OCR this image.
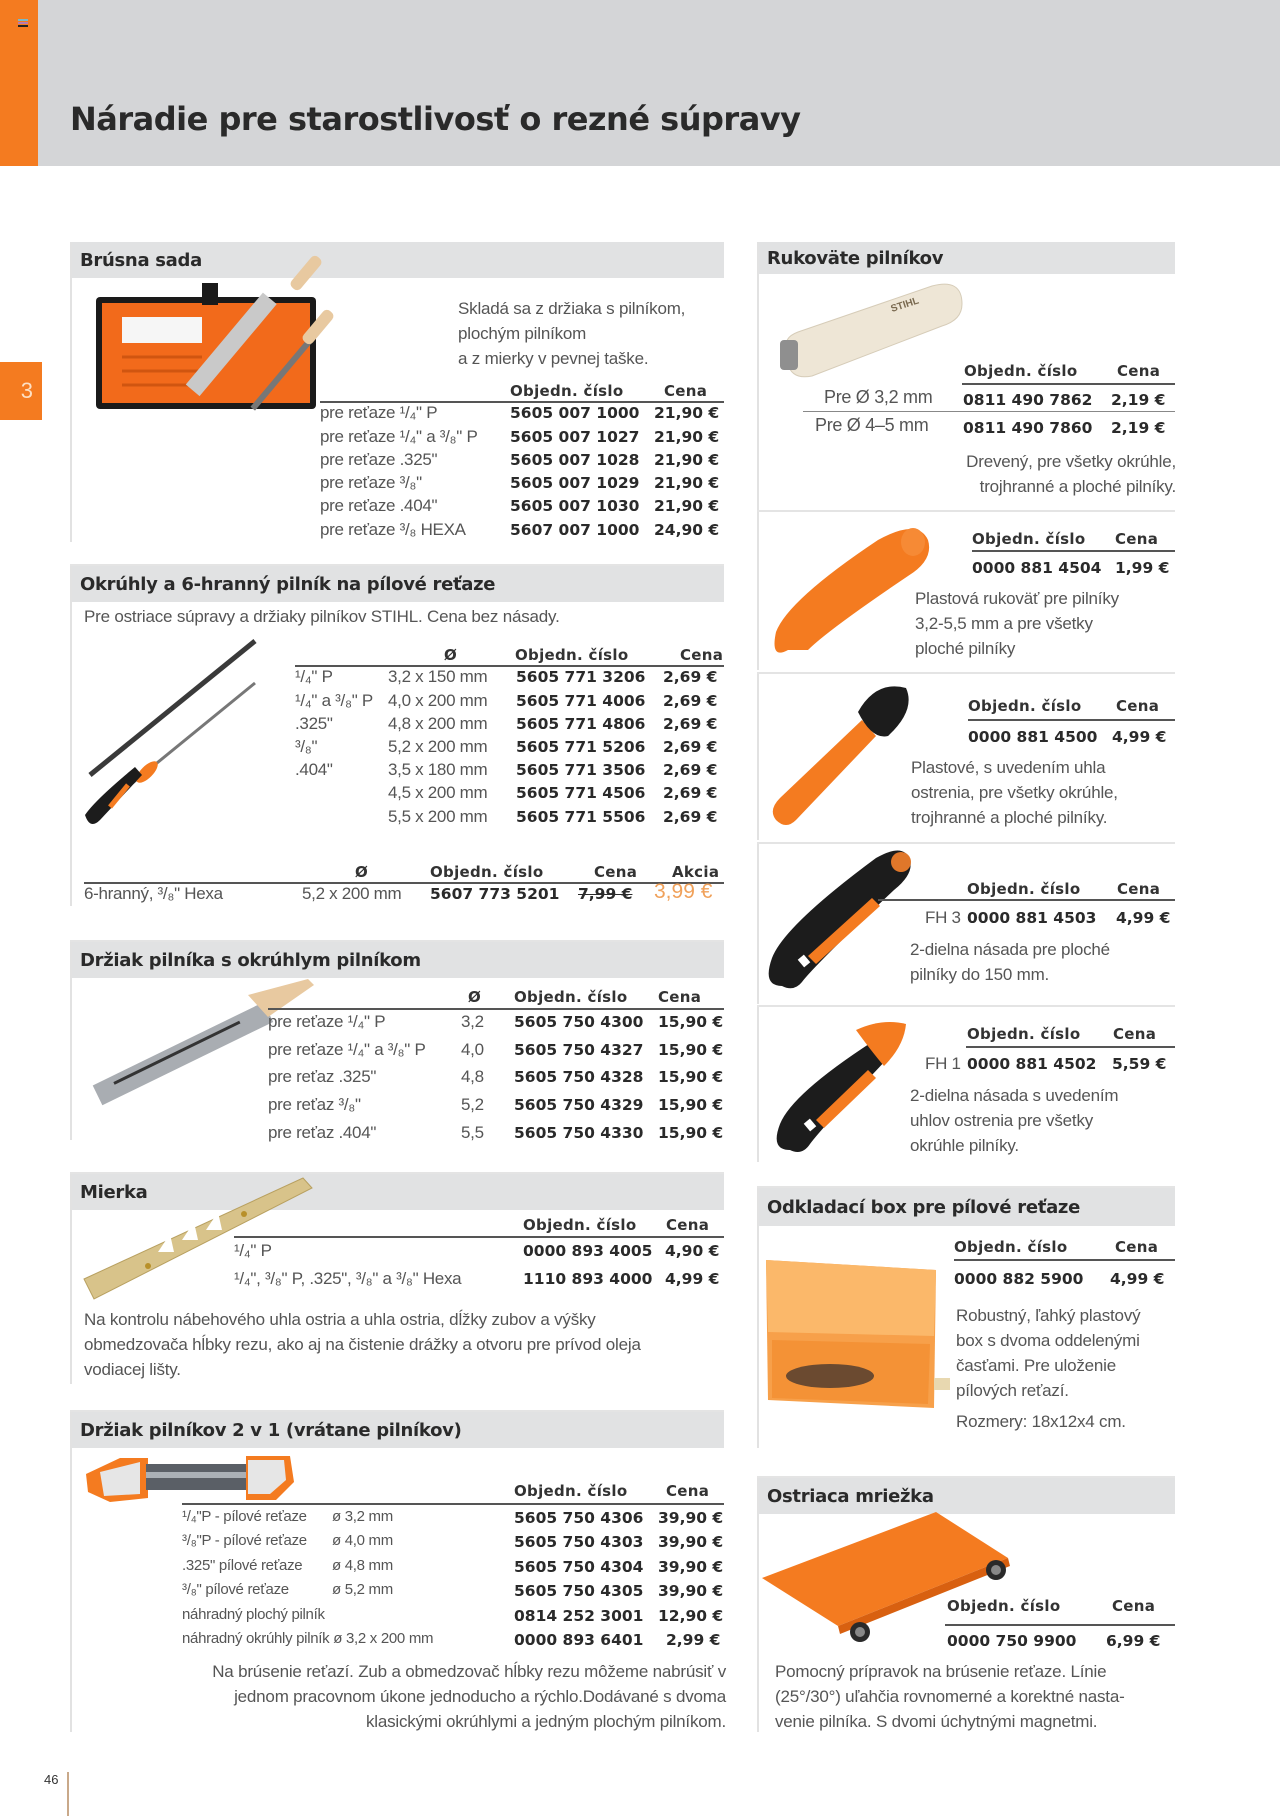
Náradie pre starostlivosť o rezné súpravy
3
Brúsna sada
Skladá sa z držiaka s pilníkom,
plochým pilníkom
a z mierky v pevnej taške.
Objedn. číslo	Cena
pre reťaze ¹/₄" P	5605 007 1000 21,90 €
pre reťaze ¹/₄" a ³/₈" P 5605 007 1027 21,90 €
pre reťaze .325"	5605 007 1028 21,90 €
pre reťaze ³/₈"	5605 007 1029 21,90 €
pre reťaze .404"	5605 007 1030 21,90 €
pre reťaze ³/₈ HEXA	5607 007 1000 24,90 €
Okrúhly a 6-hranný pilník na pílové reťaze
Pre ostriace súpravy a držiaky pilníkov STIHL. Cena bez násady.
Ø	Objedn. číslo	Cena
¹/₄" P	3,2 x 150 mm 5605 771 3206 2,69 €
¹/₄" a ³/₈" P 4,0 x 200 mm 5605 771 4006 2,69 €
.325"	4,8 x 200 mm 5605 771 4806 2,69 €
³/₈"	5,2 x 200 mm 5605 771 5206 2,69 €
.404"	3,5 x 180 mm 5605 771 3506 2,69 €
4,5 x 200 mm 5605 771 4506 2,69 €
5,5 x 200 mm 5605 771 5506 2,69 €
Ø	Objedn. číslo	Cena Akcia
6-hranný, ³/₈" Hexa	5,2 x 200 mm 5607 773 5201 7,99 € 3,99 €
Držiak pilníka s okrúhlym pilníkom
Ø Objedn. číslo Cena
pre reťaze ¹/₄" P	3,2 5605 750 4300 15,90 €
pre reťaze ¹/₄" a ³/₈" P 4,0 5605 750 4327 15,90 €
pre reťaz .325"	4,8 5605 750 4328 15,90 €
pre reťaz ³/₈"	5,2 5605 750 4329 15,90 €
pre reťaz .404"	5,5 5605 750 4330 15,90 €
Mierka
Objedn. číslo Cena
¹/₄" P	0000 893 4005 4,90 €
¹/₄", ³/₈" P, .325", ³/₈" a ³/₈" Hexa	1110 893 4000 4,99 €
Na kontrolu nábehového uhla ostria a uhla ostria, dĺžky zubov a výšky
obmedzovača hĺbky rezu, ako aj na čistenie drážky a otvoru pre prívod oleja
vodiacej lišty.
Držiak pilníkov 2 v 1 (vrátane pilníkov)
Objedn. číslo	Cena
¹/₄"P - pílové reťaze ø 3,2 mm	5605 750 4306 39,90 €
³/₈"P - pílové reťaze ø 4,0 mm	5605 750 4303 39,90 €
.325" pílové reťaze ø 4,8 mm	5605 750 4304 39,90 €
³/₈" pílové reťaze	ø 5,2 mm	5605 750 4305 39,90 €
náhradný plochý pilník	0814 252 3001 12,90 €
náhradný okrúhly pilník ø 3,2 x 200 mm	0000 893 6401 2,99 €
Na brúsenie reťazí. Zub a obmedzovač hĺbky rezu môžeme nabrúsiť v
jednom pracovnom úkone jednoducho a rýchlo.Dodávané s dvoma
klasickými okrúhlymi a jedným plochým pilníkom.
Rukoväte pilníkov
STIHL
Objedn. číslo	Cena
Pre Ø 3,2 mm 0811 490 7862 2,19 €
Pre Ø 4–5 mm 0811 490 7860 2,19 €
Drevený, pre všetky okrúhle,
trojhranné a ploché pilníky.
Objedn. číslo Cena
0000 881 4504 1,99 €
Plastová rukoväť pre pilníky
3,2-5,5 mm a pre všetky
ploché pilníky
Objedn. číslo Cena
0000 881 4500 4,99 €
Plastové, s uvedením uhla
ostrenia, pre všetky okrúhle,
trojhranné a ploché pilníky.
Objedn. číslo Cena
FH 3 0000 881 4503 4,99 €
2-dielna násada pre ploché
pilníky do 150 mm.
Objedn. číslo Cena
FH 1 0000 881 4502 5,59 €
2-dielna násada s uvedením
uhlov ostrenia pre všetky
okrúhle pilníky.
Odkladací box pre pílové reťaze
Objedn. číslo	Cena
0000 882 5900 4,99 €
Robustný, ľahký plastový
box s dvoma oddelenými
časťami. Pre uloženie
pílových reťazí.
Rozmery: 18x12x4 cm.
Ostriaca mriežka
Objedn. číslo	Cena
0000 750 9900 6,99 €
Pomocný prípravok na brúsenie reťaze. Línie
(25°/30°) uľahčia rovnomerné a korektné nasta-
venie pilníka. S dvomi úchytnými magnetmi.
46
